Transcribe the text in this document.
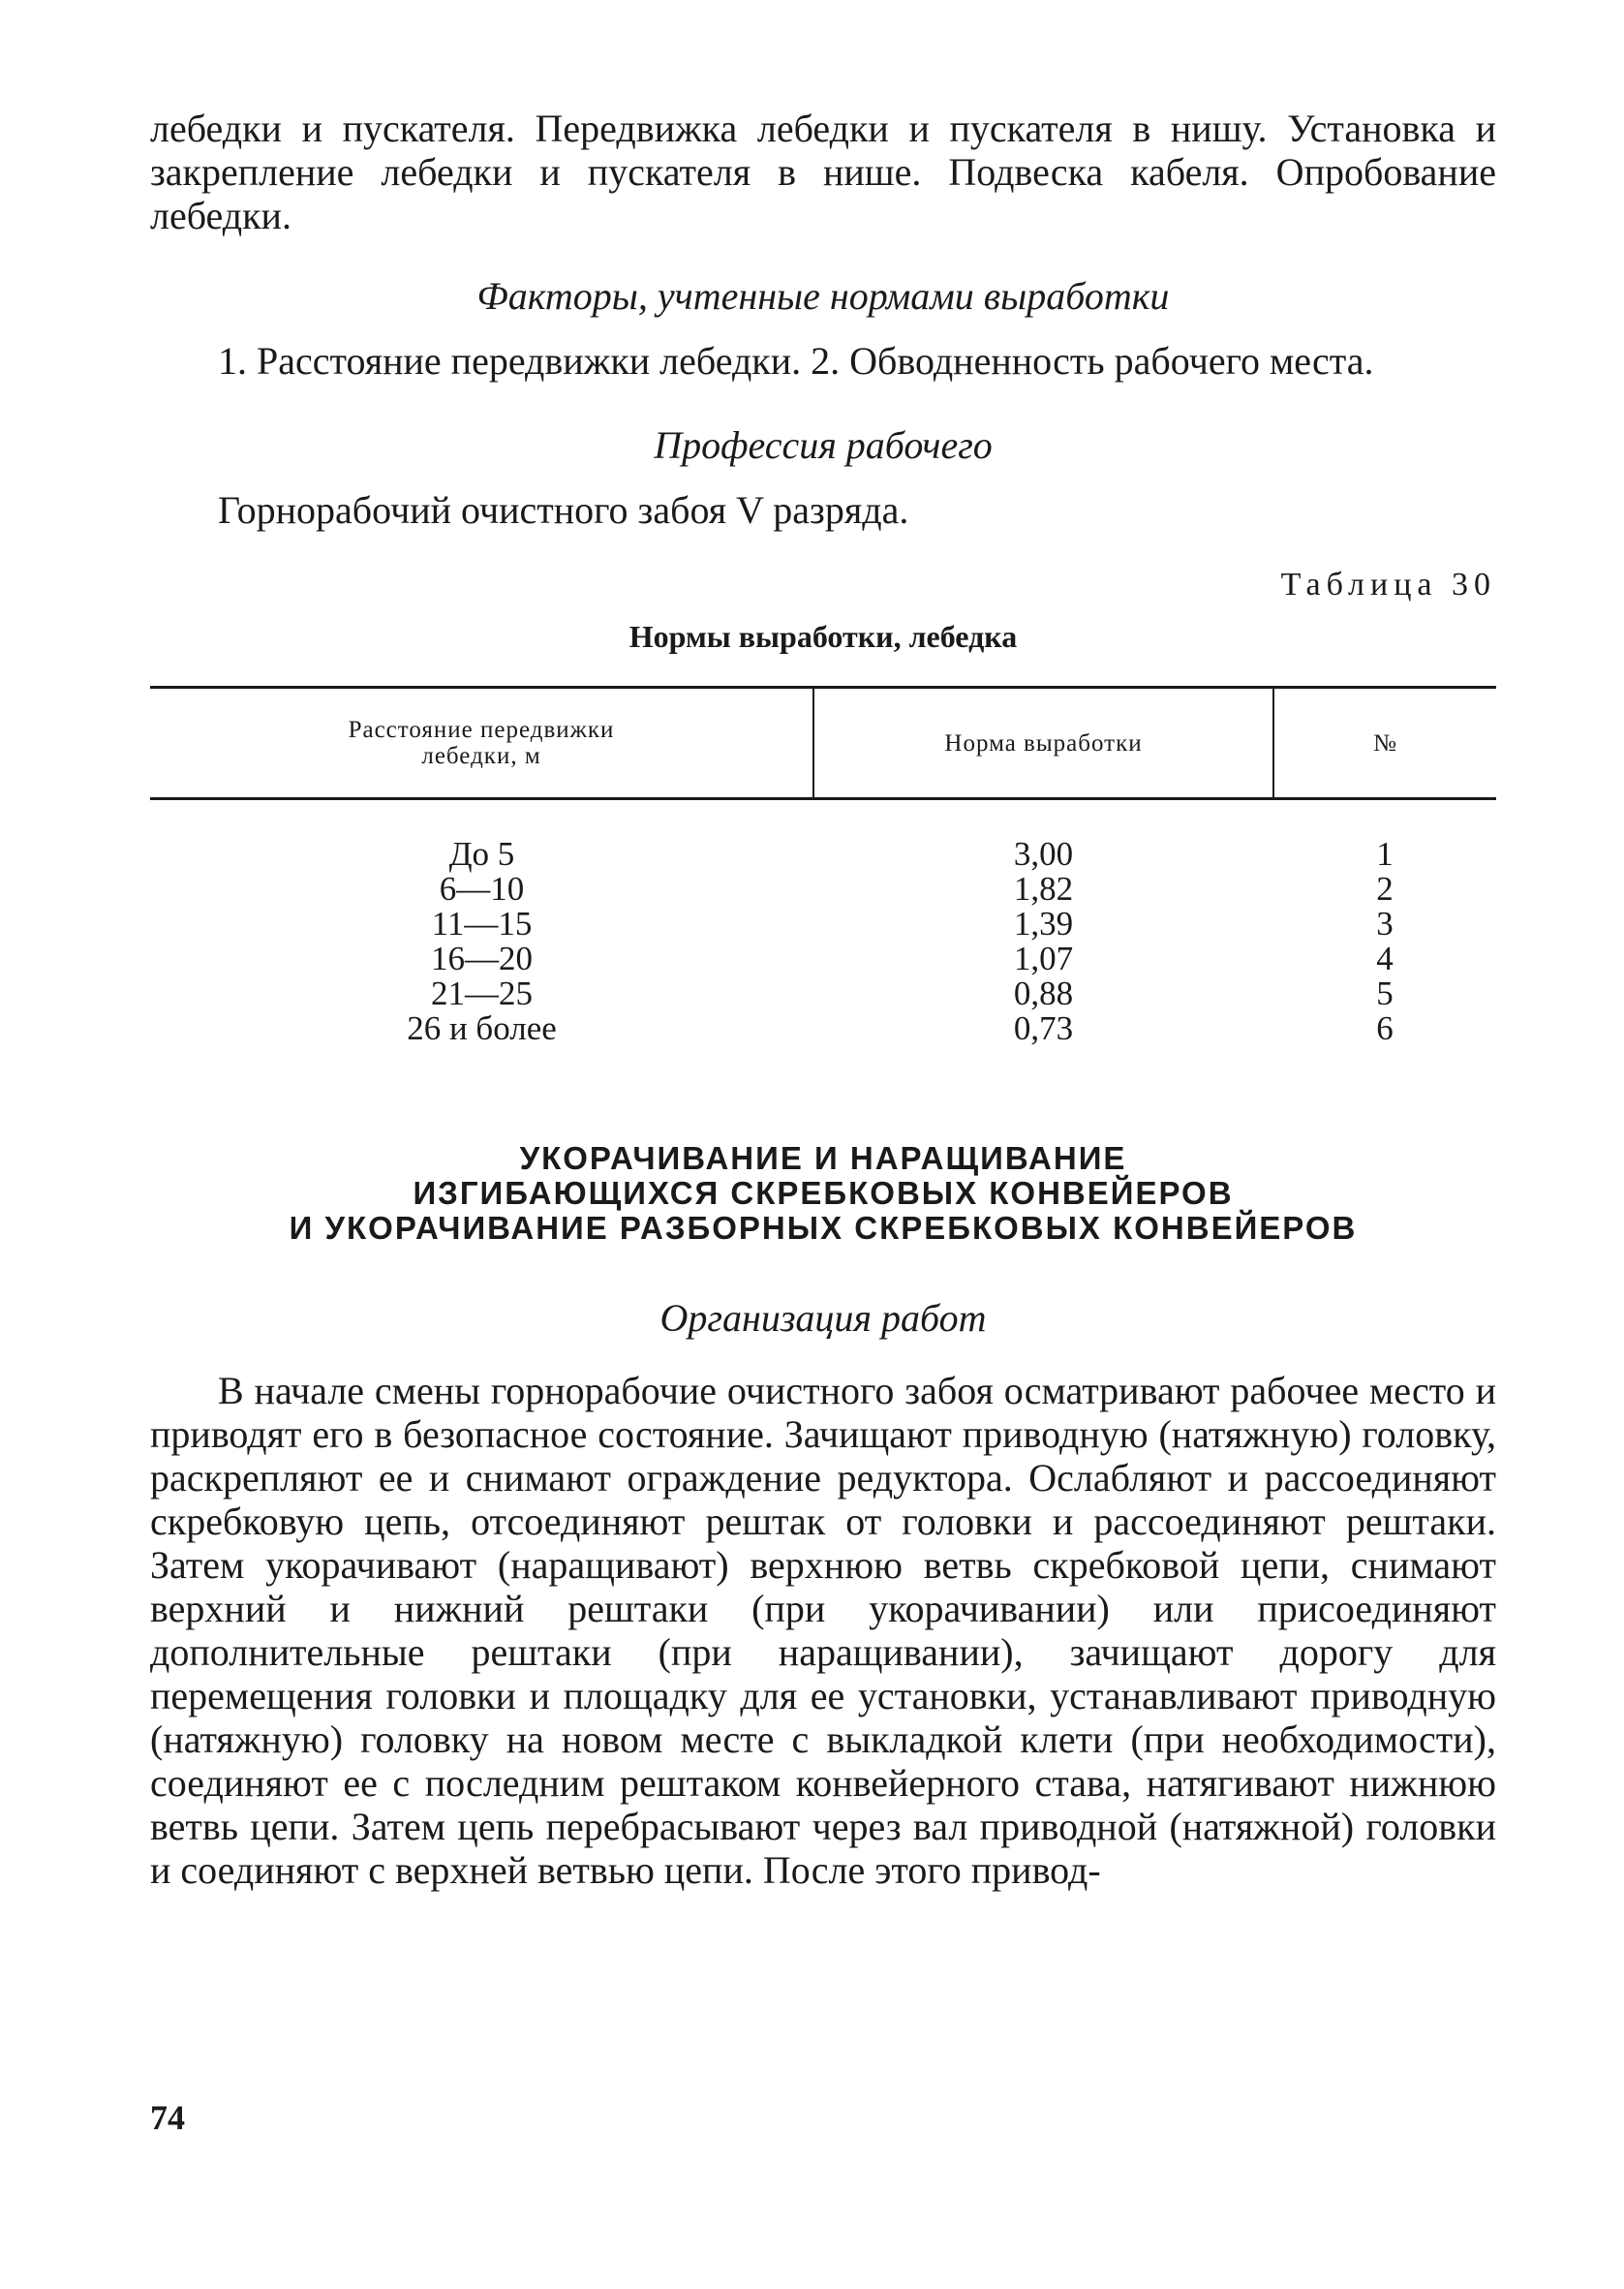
лебедки и пускателя. Передвижка лебедки и пускателя в нишу. Установка и закрепление лебедки и пускателя в нише. Подвеска кабеля. Опробование лебедки.

Факторы, учтенные нормами выработки

1. Расстояние передвижки лебедки. 2. Обводненность рабочего места.

Профессия рабочего

Горнорабочий очистного забоя V разряда.

Таблица 30

Нормы выработки, лебедка

Расстояние передвижки лебедки, м	Норма выработки	№
До 5	3,00	1
6—10	1,82	2
11—15	1,39	3
16—20	1,07	4
21—25	0,88	5
26 и более	0,73	6

УКОРАЧИВАНИЕ И НАРАЩИВАНИЕ

ИЗГИБАЮЩИХСЯ СКРЕБКОВЫХ КОНВЕЙЕРОВ

И УКОРАЧИВАНИЕ РАЗБОРНЫХ СКРЕБКОВЫХ КОНВЕЙЕРОВ

Организация работ

В начале смены горнорабочие очистного забоя осматривают рабочее место и приводят его в безопасное состояние. Зачищают приводную (натяжную) головку, раскрепляют ее и снимают ограждение редуктора. Ослабляют и рассоединяют скребковую цепь, отсоединяют рештак от головки и рассоединяют рештаки. Затем укорачивают (наращивают) верхнюю ветвь скребковой цепи, снимают верхний и нижний рештаки (при укорачивании) или присоединяют дополнительные рештаки (при наращивании), зачищают дорогу для перемещения головки и площадку для ее установки, устанавливают приводную (натяжную) головку на новом месте с выкладкой клети (при необходимости), соединяют ее с последним рештаком конвейерного става, натягивают нижнюю ветвь цепи. Затем цепь перебрасывают через вал приводной (натяжной) головки и соединяют с верхней ветвью цепи. После этого привод-

74
